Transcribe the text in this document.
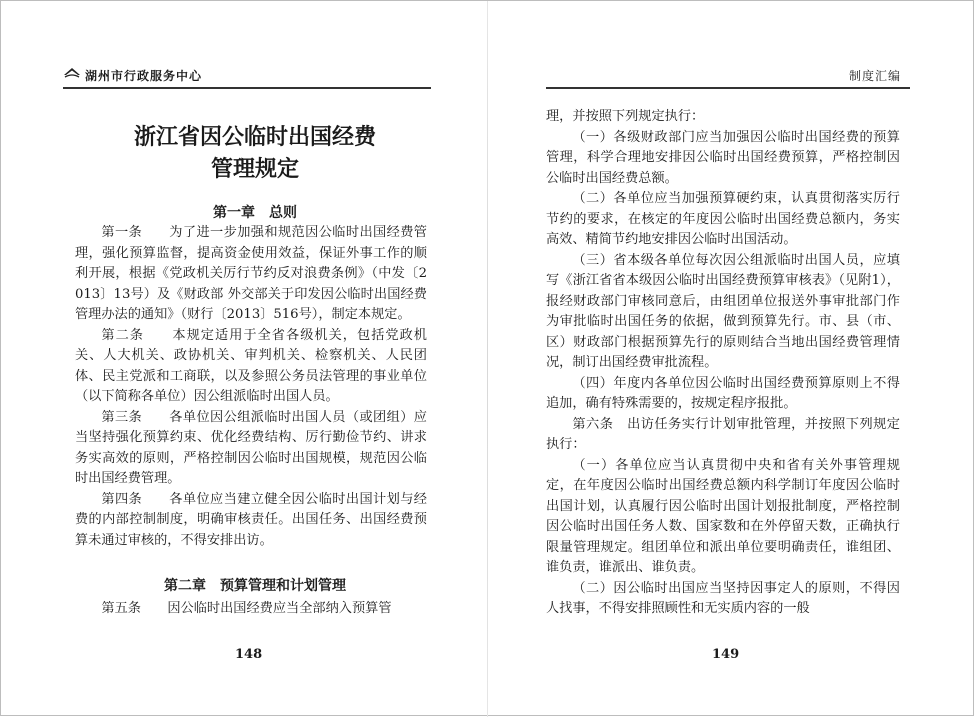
湖州市行政服务中心
浙江省因公临时出国经费
管理规定
第一章　总则

第一条　　为了进一步加强和规范因公临时出国经费管理，强化预算监督，提高资金使用效益，保证外事工作的顺利开展，根据《党政机关厉行节约反对浪费条例》（中发〔2013〕13号）及《财政部 外交部关于印发因公临时出国经费管理办法的通知》（财行〔2013〕516号），制定本规定。

第二条　　本规定适用于全省各级机关，包括党政机关、人大机关、政协机关、审判机关、检察机关、人民团体、民主党派和工商联，以及参照公务员法管理的事业单位（以下简称各单位）因公组派临时出国人员。

第三条　　各单位因公组派临时出国人员（或团组）应当坚持强化预算约束、优化经费结构、厉行勤俭节约、讲求务实高效的原则，严格控制因公临时出国规模，规范因公临时出国经费管理。

第四条　　各单位应当建立健全因公临时出国计划与经费的内部控制制度，明确审核责任。出国任务、出国经费预算未通过审核的，不得安排出访。

第二章　预算管理和计划管理

第五条　　因公临时出国经费应当全部纳入预算管

148
制度汇编

理，并按照下列规定执行：

（一）各级财政部门应当加强因公临时出国经费的预算管理，科学合理地安排因公临时出国经费预算，严格控制因公临时出国经费总额。

（二）各单位应当加强预算硬约束，认真贯彻落实厉行节约的要求，在核定的年度因公临时出国经费总额内，务实高效、精简节约地安排因公临时出国活动。

（三）省本级各单位每次因公组派临时出国人员，应填写《浙江省省本级因公临时出国经费预算审核表》（见附1），报经财政部门审核同意后，由组团单位报送外事审批部门作为审批临时出国任务的依据，做到预算先行。市、县（市、区）财政部门根据预算先行的原则结合当地出国经费管理情况，制订出国经费审批流程。

（四）年度内各单位因公临时出国经费预算原则上不得追加，确有特殊需要的，按规定程序报批。

第六条　出访任务实行计划审批管理，并按照下列规定执行：

（一）各单位应当认真贯彻中央和省有关外事管理规定，在年度因公临时出国经费总额内科学制订年度因公临时出国计划，认真履行因公临时出国计划报批制度，严格控制因公临时出国任务人数、国家数和在外停留天数，正确执行限量管理规定。组团单位和派出单位要明确责任，谁组团、谁负责，谁派出、谁负责。

（二）因公临时出国应当坚持因事定人的原则，不得因人找事，不得安排照顾性和无实质内容的一般

149
